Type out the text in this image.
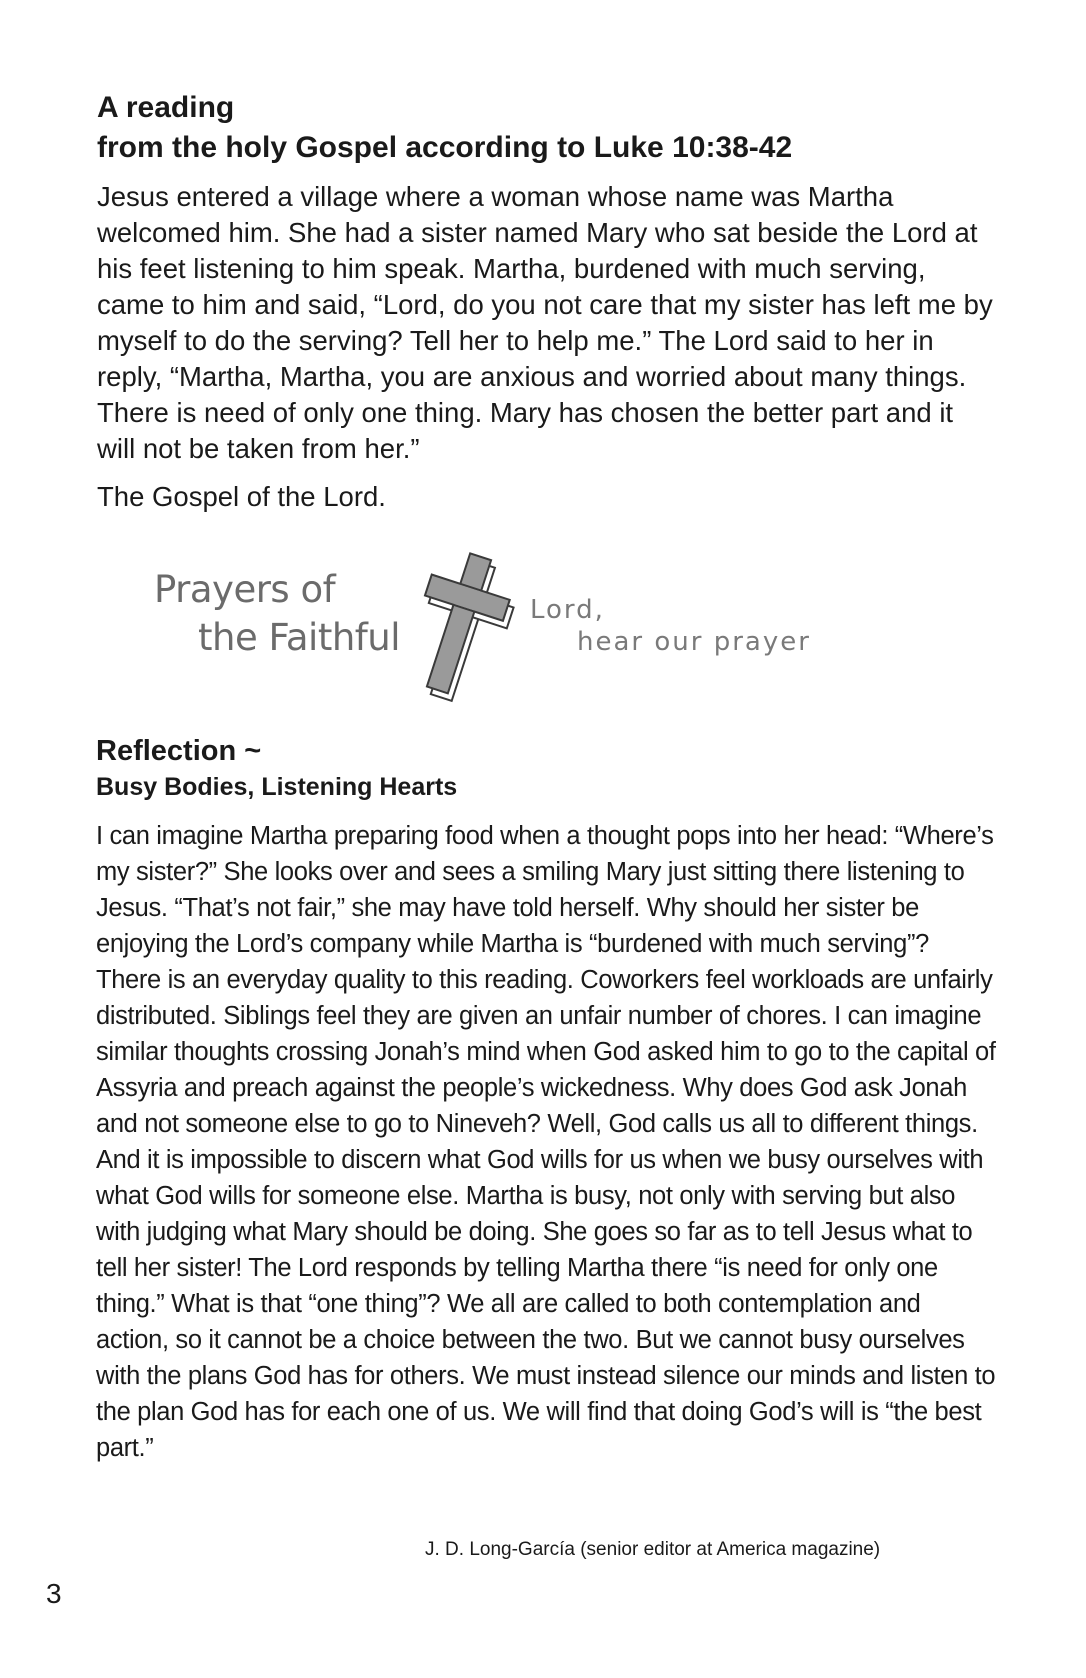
A reading
from the holy Gospel according to Luke 10:38-42

Jesus entered a village where a woman whose name was Martha welcomed him. She had a sister named Mary who sat beside the Lord at his feet listening to him speak. Martha, burdened with much serving, came to him and said, “Lord, do you not care that my sister has left me by myself to do the serving? Tell her to help me.” The Lord said to her in reply, “Martha, Martha, you are anxious and worried about many things. There is need of only one thing. Mary has chosen the better part and it will not be taken from her.”

The Gospel of the Lord.

Prayers of
the Faithful
Lord,
hear our prayer
Reflection ~
Busy Bodies, Listening Hearts

I can imagine Martha preparing food when a thought pops into her head: “Where’s my sister?” She looks over and sees a smiling Mary just sitting there listening to Jesus. “That’s not fair,” she may have told herself. Why should her sister be enjoying the Lord’s company while Martha is “burdened with much serving”? There is an everyday quality to this reading. Coworkers feel workloads are unfairly distributed. Siblings feel they are given an unfair number of chores. I can imagine similar thoughts crossing Jonah’s mind when God asked him to go to the capital of Assyria and preach against the people’s wickedness. Why does God ask Jonah and not someone else to go to Nineveh? Well, God calls us all to different things. And it is impossible to discern what God wills for us when we busy ourselves with what God wills for someone else. Martha is busy, not only with serving but also with judging what Mary should be doing. She goes so far as to tell Jesus what to tell her sister! The Lord responds by telling Martha there “is need for only one thing.” What is that “one thing”? We all are called to both contemplation and action, so it cannot be a choice between the two. But we cannot busy ourselves with the plans God has for others. We must instead silence our minds and listen to the plan God has for each one of us. We will find that doing God’s will is “the best part.”

J. D. Long-García (senior editor at America magazine)
3
